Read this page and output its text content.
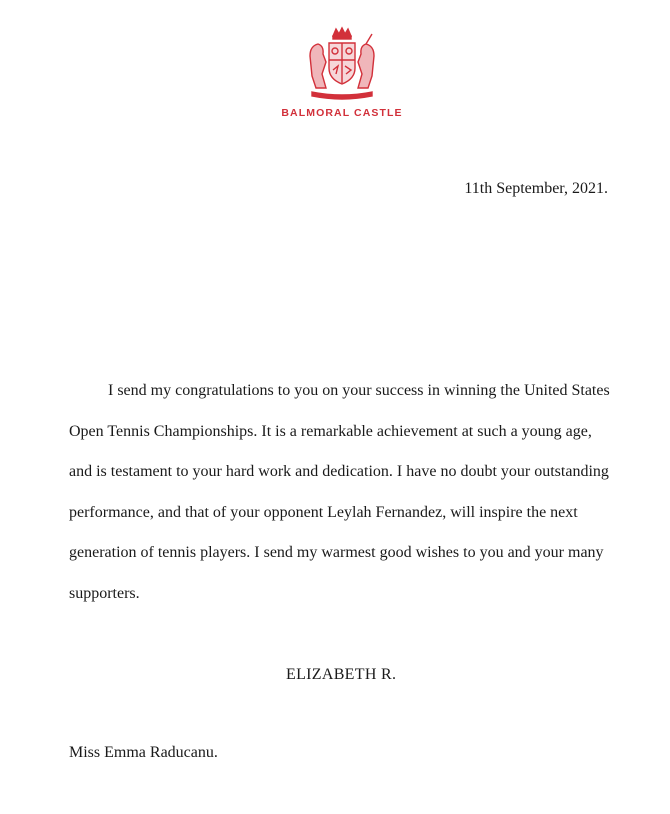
BALMORAL CASTLE
11th September, 2021.

I send my congratulations to you on your success in winning the United States Open Tennis Championships. It is a remarkable achievement at such a young age, and is testament to your hard work and dedication. I have no doubt your outstanding performance, and that of your opponent Leylah Fernandez, will inspire the next generation of tennis players. I send my warmest good wishes to you and your many supporters.

ELIZABETH R.
Miss Emma Raducanu.
